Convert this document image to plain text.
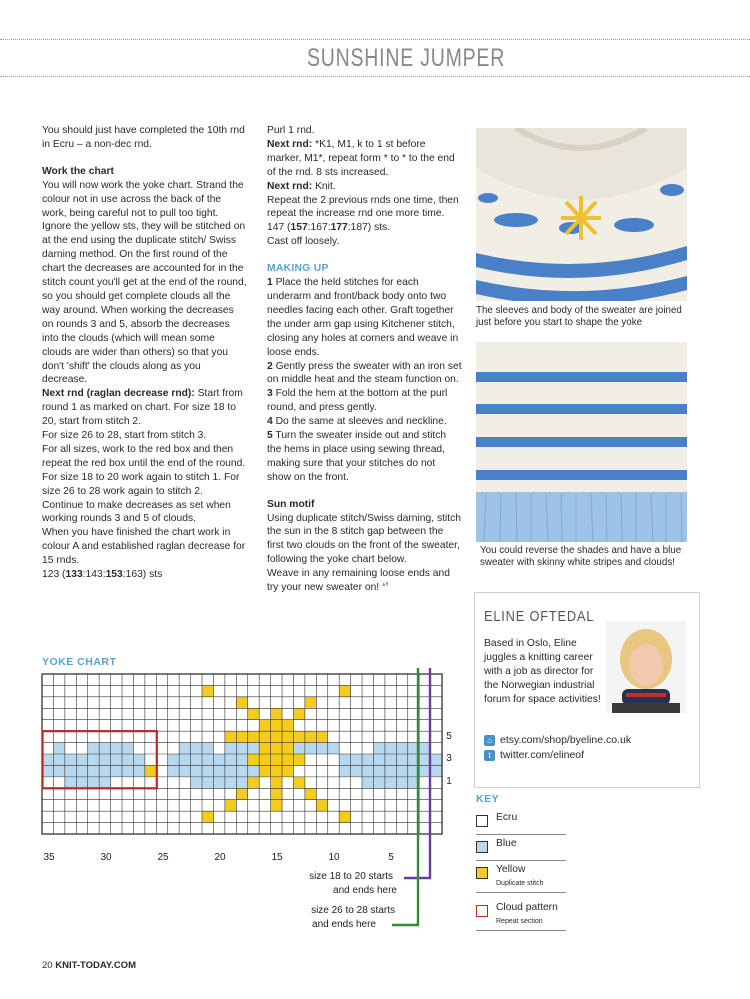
SUNSHINE JUMPER

You should just have completed the 10th rnd in Ecru – a non-dec rnd.

Work the chart

You will now work the yoke chart. Strand the colour not in use across the back of the work, being careful not to pull too tight.

Ignore the yellow sts, they will be stitched on at the end using the duplicate stitch/ Swiss darning method. On the first round of the chart the decreases are accounted for in the stitch count you'll get at the end of the round, so you should get complete clouds all the way around. When working the decreases on rounds 3 and 5, absorb the decreases into the clouds (which will mean some clouds are wider than others) so that you don't 'shift' the clouds along as you decrease.

Next rnd (raglan decrease rnd): Start from round 1 as marked on chart. For size 18 to 20, start from stitch 2.

For size 26 to 28, start from stitch 3.

For all sizes, work to the red box and then repeat the red box until the end of the round. For size 18 to 20 work again to stitch 1. For size 26 to 28 work again to stitch 2.

Continue to make decreases as set when working rounds 3 and 5 of clouds.

When you have finished the chart work in colour A and established raglan decrease for 15 rnds.

123 (133:143:153:163) sts

Purl 1 rnd.

Next rnd: *K1, M1, k to 1 st before marker, M1*, repeat form * to * to the end of the rnd. 8 sts increased.

Next rnd: Knit.

Repeat the 2 previous rnds one time, then repeat the increase rnd one more time. 147 (157:167:177:187) sts.

Cast off loosely.

MAKING UP

1 Place the held stitches for each underarm and front/back body onto two needles facing each other. Graft together the under arm gap using Kitchener stitch, closing any holes at corners and weave in loose ends.

2 Gently press the sweater with an iron set on middle heat and the steam function on.

3 Fold the hem at the bottom at the purl round, and press gently.

4 Do the same at sleeves and neckline.

5 Turn the sweater inside out and stitch the hems in place using sewing thread, making sure that your stitches do not show on the front.

Sun motif

Using duplicate stitch/Swiss darning, stitch the sun in the 8 stitch gap between the first two clouds on the front of the sweater, following the yoke chart below.

Weave in any remaining loose ends and try your new sweater on! ❛❜

The sleeves and body of the sweater are joined just before you start to shape the yoke
You could reverse the shades and have a blue sweater with skinny white stripes and clouds!
ELINE OFTEDAL
Based in Oslo, Eline juggles a knitting career with a job as director for the Norwegian industrial forum for space activities!
⌂ etsy.com/shop/byeline.co.uk
t twitter.com/elineof
KEY
Ecru
Blue
Yellow
Duplicate stitch
Cloud pattern
Repeat section
YOKE CHART
35	30	25	20	15	10	5
5
3
1
size 18 to 20 starts
and ends here
size 26 to 28 starts
and ends here
20 KNIT-TODAY.COM
